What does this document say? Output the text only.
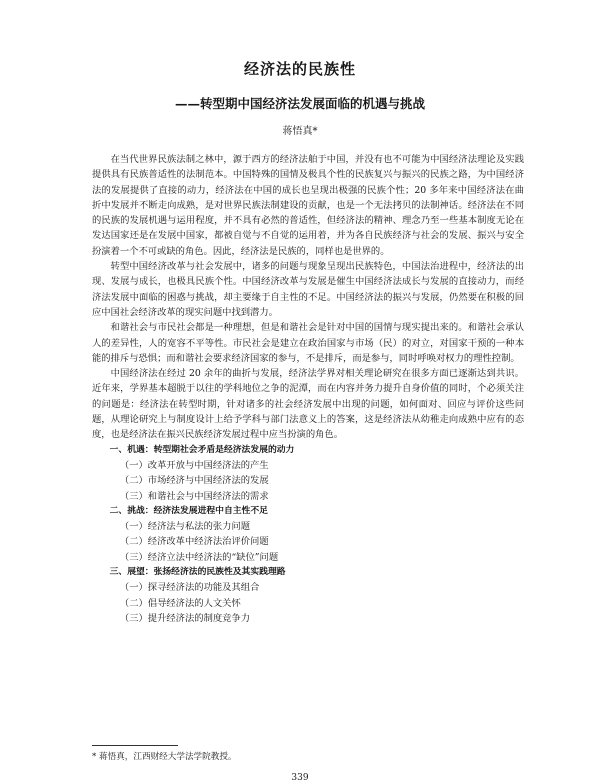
经济法的民族性
——转型期中国经济法发展面临的机遇与挑战
蒋悟真*

在当代世界民族法制之林中，源于西方的经济法舶于中国，并没有也不可能为中国经济法理论及实践提供具有民族普适性的法制范本。中国特殊的国情及极具个性的民族复兴与振兴的民族之路，为中国经济法的发展提供了直接的动力，经济法在中国的成长也呈现出极强的民族个性；20 多年来中国经济法在曲折中发展并不断走向成熟，是对世界民族法制建设的贡献，也是一个无法拷贝的法制神话。经济法在不同的民族的发展机遇与运用程度，并不具有必然的普适性，但经济法的精神、理念乃至一些基本制度无论在发达国家还是在发展中国家，都被自觉与不自觉的运用着，并为各自民族经济与社会的发展、振兴与安全扮演着一个不可或缺的角色。因此，经济法是民族的，同样也是世界的。

转型中国经济改革与社会发展中，诸多的问题与现象呈现出民族特色，中国法治进程中，经济法的出现、发展与成长，也极具民族个性。中国经济改革与发展是催生中国经济法成长与发展的直接动力，而经济法发展中面临的困惑与挑战，却主要缘于自主性的不足。中国经济法的振兴与发展，仍然要在积极的回应中国社会经济改革的现实问题中找到潜力。

和谐社会与市民社会都是一种理想，但是和谐社会是针对中国的国情与现实提出来的。和谐社会承认人的差异性，人的宽容不平等性。市民社会是建立在政治国家与市场（民）的对立，对国家干预的一种本能的排斥与恐惧；而和谐社会要求经济国家的参与，不是排斥，而是参与，同时呼唤对权力的理性控制。

中国经济法在经过 20 余年的曲折与发展，经济法学界对相关理论研究在很多方面已逐渐达到共识。近年来，学界基本超脱于以往的学科地位之争的泥潭，而在内容并务力提升自身价值的同时，个必须关注的问题是：经济法在转型时期，针对诸多的社会经济发展中出现的问题，如何面对、回应与评价这些问题，从理论研究上与制度设计上给予学科与部门法意义上的答案，这是经济法从幼稚走向成熟中应有的态度，也是经济法在振兴民族经济发展过程中应当扮演的角色。

一、机遇：转型期社会矛盾是经济法发展的动力
（一）改革开放与中国经济法的产生
（二）市场经济与中国经济法的发展
（三）和谐社会与中国经济法的需求
二、挑战：经济法发展进程中自主性不足
（一）经济法与私法的张力问题
（二）经济改革中经济法治评价问题
（三）经济立法中经济法的“缺位”问题
三、展望：张扬经济法的民族性及其实践理路
（一）探寻经济法的功能及其组合
（二）倡导经济法的人文关怀
（三）提升经济法的制度竞争力
* 蒋悟真，江西财经大学法学院教授。
339
